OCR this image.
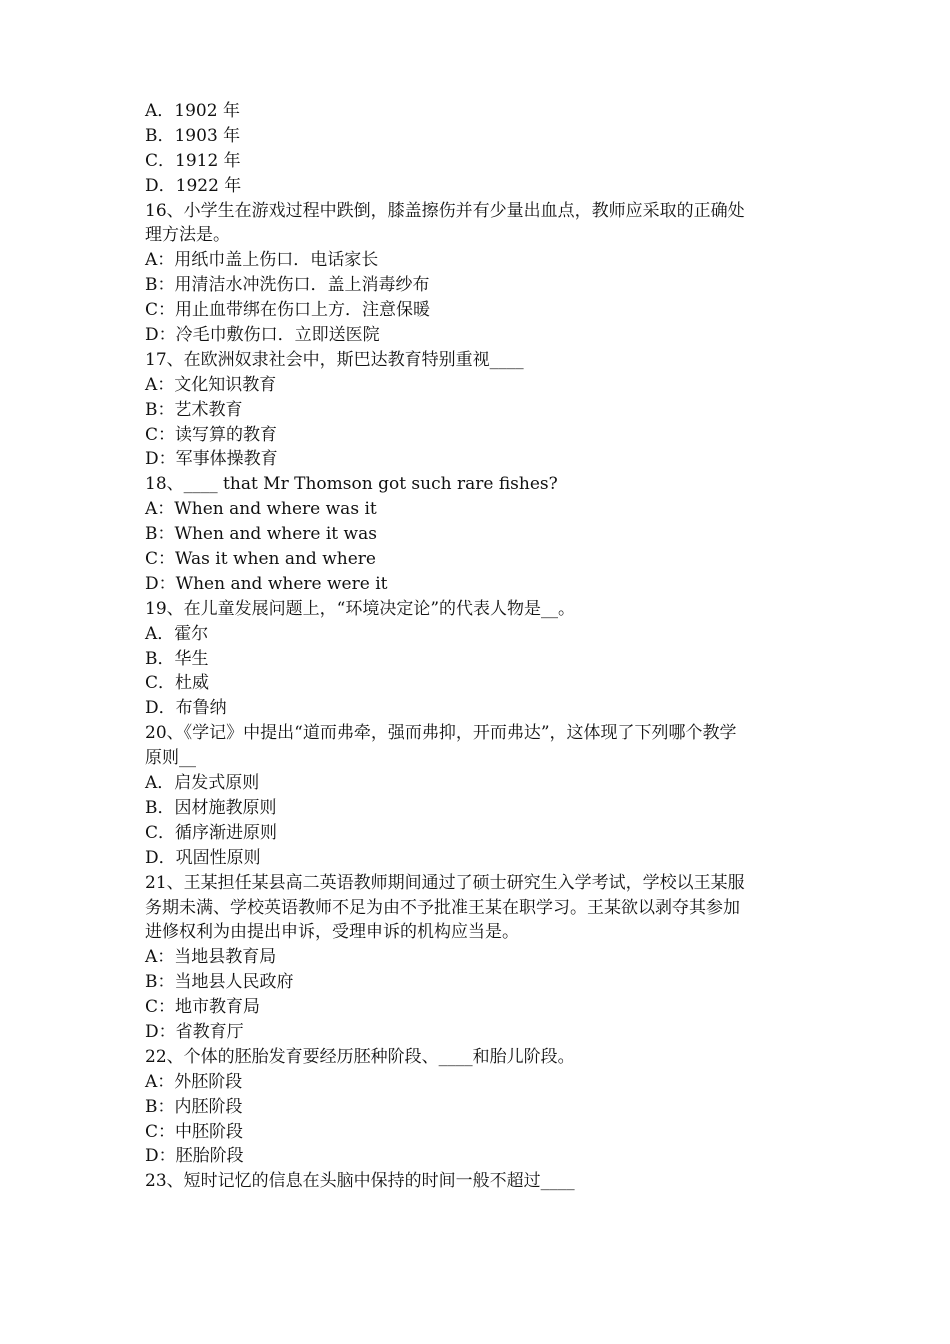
A．1902 年
B．1903 年
C．1912 年
D．1922 年
16、小学生在游戏过程中跌倒，膝盖擦伤并有少量出血点，教师应采取的正确处
理方法是。
A：用纸巾盖上伤口．电话家长
B：用清洁水冲洗伤口．盖上消毒纱布
C：用止血带绑在伤口上方．注意保暖
D：冷毛巾敷伤口．立即送医院
17、在欧洲奴隶社会中，斯巴达教育特别重视____
A：文化知识教育
B：艺术教育
C：读写算的教育
D：军事体操教育
18、____ that Mr Thomson got such rare fishes?
A：When and where was it
B：When and where it was
C：Was it when and where
D：When and where were it
19、在儿童发展问题上，“环境决定论”的代表人物是__。
A．霍尔
B．华生
C．杜威
D．布鲁纳
20、《学记》中提出“道而弗牵，强而弗抑，开而弗达”，这体现了下列哪个教学
原则__
A．启发式原则
B．因材施教原则
C．循序渐进原则
D．巩固性原则
21、王某担任某县高二英语教师期间通过了硕士研究生入学考试，学校以王某服
务期未满、学校英语教师不足为由不予批准王某在职学习。王某欲以剥夺其参加
进修权利为由提出申诉，受理申诉的机构应当是。
A：当地县教育局
B：当地县人民政府
C：地市教育局
D：省教育厅
22、个体的胚胎发育要经历胚种阶段、____和胎儿阶段。
A：外胚阶段
B：内胚阶段
C：中胚阶段
D：胚胎阶段
23、短时记忆的信息在头脑中保持的时间一般不超过____
